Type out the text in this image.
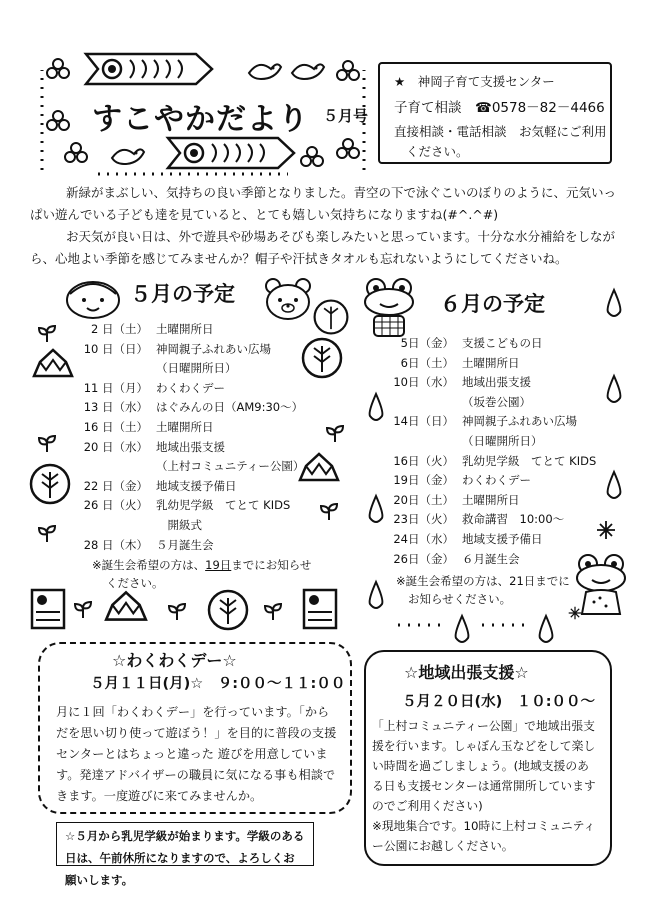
すこやかだより ５月号
★　神岡子育て支援センター
子育て相談　☎0578－82－4466
直接相談・電話相談　お気軽にご利用
ください。

新緑がまぶしい、気持ちの良い季節となりました。青空の下で泳ぐこいのぼりのように、元気いっぱい遊んでいる子ども達を見ていると、とても嬉しい気持ちになりますね(#^.^#)

お天気が良い日は、外で遊具や砂場あそびも楽しみたいと思っています。十分な水分補給をしながら、心地よい季節を感じてみませんか？帽子や汗拭きタオルも忘れないようにしてくださいね。

５月の予定
2 日（土） 土曜開所日
10 日（日） 神岡親子ふれあい広場
（日曜開所日）
11 日（月） わくわくデー
13 日（水） はぐみんの日（AM9:30～）
16 日（土） 土曜開所日
20 日（水） 地域出張支援
（上村コミュニティー公園）
22 日（金） 地域支援予備日
26 日（火） 乳幼児学級　てとて KIDS
　開級式
28 日（木） ５月誕生会
※誕生会希望の方は、19日までにお知らせ
ください。
６月の予定
5日（金） 支援こどもの日
6日（土） 土曜開所日
10日（水） 地域出張支援
（坂巻公園）
14日（日） 神岡親子ふれあい広場
（日曜開所日）
16日（火） 乳幼児学級　てとて KIDS
19日（金） わくわくデー
20日（土） 土曜開所日
23日（火） 救命講習　10:00～
24日（水） 地域支援予備日
26日（金） ６月誕生会
※誕生会希望の方は、21日までに
お知らせください。
☆わくわくデー☆
５月１１日(月)☆　９:００～１１:００
月に１回「わくわくデー」を行っています。「からだを思い切り使って遊ぼう！」を目的に普段の支援センターとはちょっと違った 遊びを用意しています。発達アドバイザーの職員に気になる事も相談できます。一度遊びに来てみませんか。
☆５月から乳児学級が始まります。学級のある日は、午前休所になりますので、よろしくお願いします。
☆地域出張支援☆
５月２０日(水)　１０:００～
「上村コミュニティー公園」で地域出張支援を行います。しゃぼん玉などをして楽しい時間を過ごしましょう。(地域支援のある日も支援センターは通常開所していますのでご利用ください)
※現地集合です。10時に上村コミュニティー公園にお越しください。
